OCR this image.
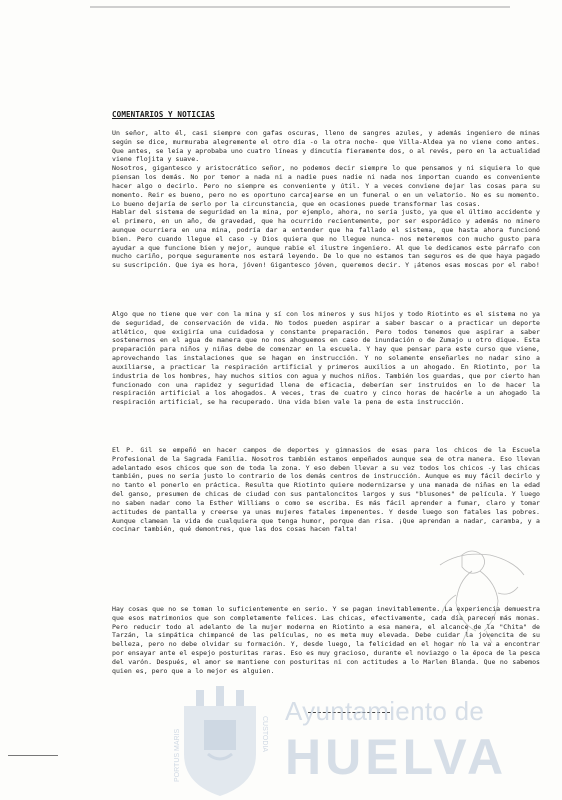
COMENTARIOS Y NOTICIAS
Un señor, alto él, casi siempre con gafas oscuras, lleno de sangres azules, y además ingeniero de minas según se dice, murmuraba alegremente el otro día -o la otra noche- que Villa-Aldea ya no viene como antes. Que antes, se leía y aprobaba uno cuatro líneas y dimcutía fieramente dos, o al revés, pero en la actualidad viene flojita y suave.
Nosotros, gigantesco y aristocrático señor, no podemos decir siempre lo que pensamos y ni siquiera lo que piensan los demás. No por temor a nada ni a nadie pues nadie ni nada nos importan cuando es conveniente hacer algo o decirlo. Pero no siempre es conveniente y útil. Y a veces conviene dejar las cosas para su momento. Reir es bueno, pero no es oportuno carcajearse en un funeral o en un velatorio. No es su momento. Lo bueno dejaría de serlo por la circunstancia, que en ocasiones puede transformar las cosas.
Hablar del sistema de seguridad en la mina, por ejemplo, ahora, no sería justo, ya que el último accidente y el primero, en un año, de gravedad, que ha ocurrido recientemente, por ser esporádico y además no minero aunque ocurriera en una mina, podría dar a entender que ha fallado el sistema, que hasta ahora funcionó bien. Pero cuando llegue el caso -y Dios quiera que no llegue nunca- nos meteremos con mucho gusto para ayudar a que funcione bien y mejor, aunque rabie el ilustre ingeniero. Al que le dedicamos este párrafo con mucho cariño, porque seguramente nos estará leyendo. De lo que no estamos tan seguros es de que haya pagado su suscripción. Que iya es hora, jóven! Gigantesco jóven, queremos decir. Y ¡átenos esas moscas por el rabo!
Algo que no tiene que ver con la mina y sí con los mineros y sus hijos y todo Riotinto es el sistema no ya de seguridad, de conservación de vida. No todos pueden aspirar a saber bascar o a practicar un deporte atlético, que exigiría una cuidadosa y constante preparación. Pero todos tenemos que aspirar a saber sostenernos en el agua de manera que no nos ahoguemos en caso de inundación o de Zumajo u otro dique. Esta preparación para niños y niñas debe de comenzar en la escuela. Y hay que pensar para este curso que viene, aprovechando las instalaciones que se hagan en instrucción. Y no solamente enseñarles no nadar sino a auxiliarse, a practicar la respiración artificial y primeros auxilios a un ahogado. En Riotinto, por la industria de los hombres, hay muchos sitios con agua y muchos niños. También los guardas, que por cierto han funcionado con una rapidez y seguridad llena de eficacia, deberían ser instruidos en lo de hacer la respiración artificial a los ahogados. A veces, tras de cuatro y cinco horas de hacérle a un ahogado la respiración artificial, se ha recuperado. Una vida bien vale la pena de esta instrucción.
El P. Gil se empeñó en hacer campos de deportes y gimnasios de esas para los chicos de la Escuela Profesional de la Sagrada Familia. Nosotros también estamos empeñados aunque sea de otra manera. Eso llevan adelantado esos chicos que son de toda la zona. Y eso deben llevar a su vez todos los chicos -y las chicas también, pues no sería justo lo contrario de los demás centros de instrucción. Aunque es muy fácil decirlo y no tanto el ponerlo en práctica. Resulta que Riotinto quiere modernizarse y una manada de niñas en la edad del ganso, presumen de chicas de ciudad con sus pantaloncitos largos y sus "blusones" de película. Y luego no saben nadar como la Esther Williams o como se escriba. Es más fácil aprender a fumar, claro y tomar actitudes de pantalla y creerse ya unas mujeres fatales impenentes. Y desde luego son fatales las pobres. Aunque clamean la vida de cualquiera que tenga humor, porque dan risa. ¡Que aprendan a nadar, caramba, y a cocinar también, qué demontres, que las dos cosas hacen falta!
Hay cosas que no se toman lo suficientemente en serio. Y se pagan inevitablemente. La experiencia demuestra que esos matrimonios que son completamente felices. Las chicas, efectivamente, cada día parecen más monas. Pero reducir todo al adelanto de la mujer moderna en Riotinto a esa manera, el alcance de la "Chita" de Tarzán, la simpática chimpancé de las películas, no es meta muy elevada. Debe cuidar la jovencita de su belleza, pero no debe olvidar su formación. Y, desde luego, la felicidad en el hogar no la va a encontrar por ensayar ante el espejo posturitas raras. Eso es muy gracioso, durante el noviazgo o la época de la pesca del varón. Después, el amor se mantiene con posturitas ni con actitudes a lo Marlen Blanda. Que no sabemos quien es, pero que a lo mejor es alguien.
PORTUS MARIS	CUSTODIA
Ayuntamiento de
HUELVA
